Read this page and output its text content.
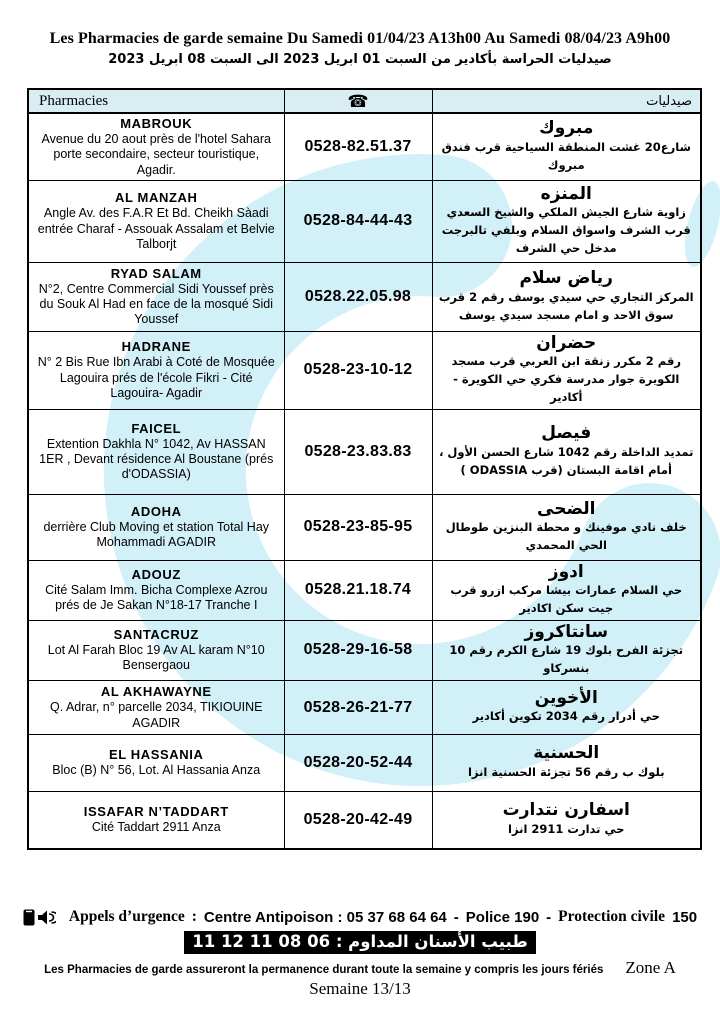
Les Pharmacies de garde semaine Du Samedi 01/04/23 A13h00 Au Samedi 08/04/23 A9h00
صيدليات الحراسة بأكادير من السبت 01 ابريل 2023 الى السبت 08 ابريل 2023
Pharmacies	☎	صيدليات

MABROUK
Avenue du 20 aout près de l'hotel Sahara porte secondaire, secteur touristique, Agadir.
	0528-82.51.37	
مبروك
شارع20 غشت المنطقة السياحية قرب فندق مبروك

AL MANZAH
Angle Av. des F.A.R Et Bd. Cheikh Sàadi entrée Charaf - Assouak Assalam et Belvie Talborjt
	0528-84-44-43	
المنزه
زاوية شارع الجيش الملكي والشيخ السعدي قرب الشرف واسواق السلام وبلفي تالبرجت مدخل حي الشرف

RYAD SALAM
N°2, Centre Commercial Sidi Youssef près du Souk Al Had en face de la mosqué Sidi Youssef
	0528.22.05.98	
رياض سلام
المركز التجاري حي سيدي يوسف رقم 2 قرب سوق الاحد و امام مسجد سيدي يوسف

HADRANE
N° 2 Bis Rue Ibn Arabi à Coté de Mosquée Lagouira prés de l'école Fikri - Cité Lagouira- Agadir
	0528-23-10-12	
حضران
رقم 2 مكرر زنقة ابن العربي قرب مسجد الكويرة جوار مدرسة فكري حي الكويرة - أكادير

FAICEL
Extention Dakhla N° 1042, Av HASSAN 1ER , Devant résidence Al Boustane (prés d'ODASSIA)
	0528-23.83.83	
فيصل
تمديد الداخلة رقم 1042 شارع الحسن الأول ، أمام اقامة البستان (قرب ODASSIA )

ADOHA
derrière Club Moving et station Total Hay Mohammadi AGADIR
	0528-23-85-95	
الضحى
خلف نادي موفينك و محطة البنزين طوطال الحي المحمدي

ADOUZ
Cité Salam Imm. Bicha Complexe Azrou prés de Je Sakan N°18-17 Tranche I
	0528.21.18.74	
ادوز
حي السلام عمارات بيشا مركب ازرو قرب جيت سكن اكادير

SANTACRUZ
Lot Al Farah Bloc 19 Av AL karam N°10 Bensergaou
	0528-29-16-58	
سانتاكروز
تجزئة الفرح بلوك 19 شارع الكرم رقم 10 بنسركاو

AL AKHAWAYNE
Q. Adrar, n° parcelle 2034, TIKIOUINE AGADIR
	0528-26-21-77	الأخوين
حي أدرار رقم 2034 تكوين أكادير

EL HASSANIA
Bloc (B) N° 56, Lot. Al Hassania Anza	0528-20-52-44	الحسنية
بلوك ب رقم 56 تجزئة الحسنية انزا

ISSAFAR N’TADDART
Cité Taddart 2911 Anza	0528-20-42-49	اسفارن نتدارت
حي تدارت 2911 انزا
Appels d’urgence : Centre Antipoison : 05 37 68 64 64 - Police 190 - Protection civile 150
طبيب الأسنان المداوم : 06 08 11 12 11
Les Pharmacies de garde assureront la permanence durant toute la semaine y compris les jours fériés Zone A
Semaine 13/13
